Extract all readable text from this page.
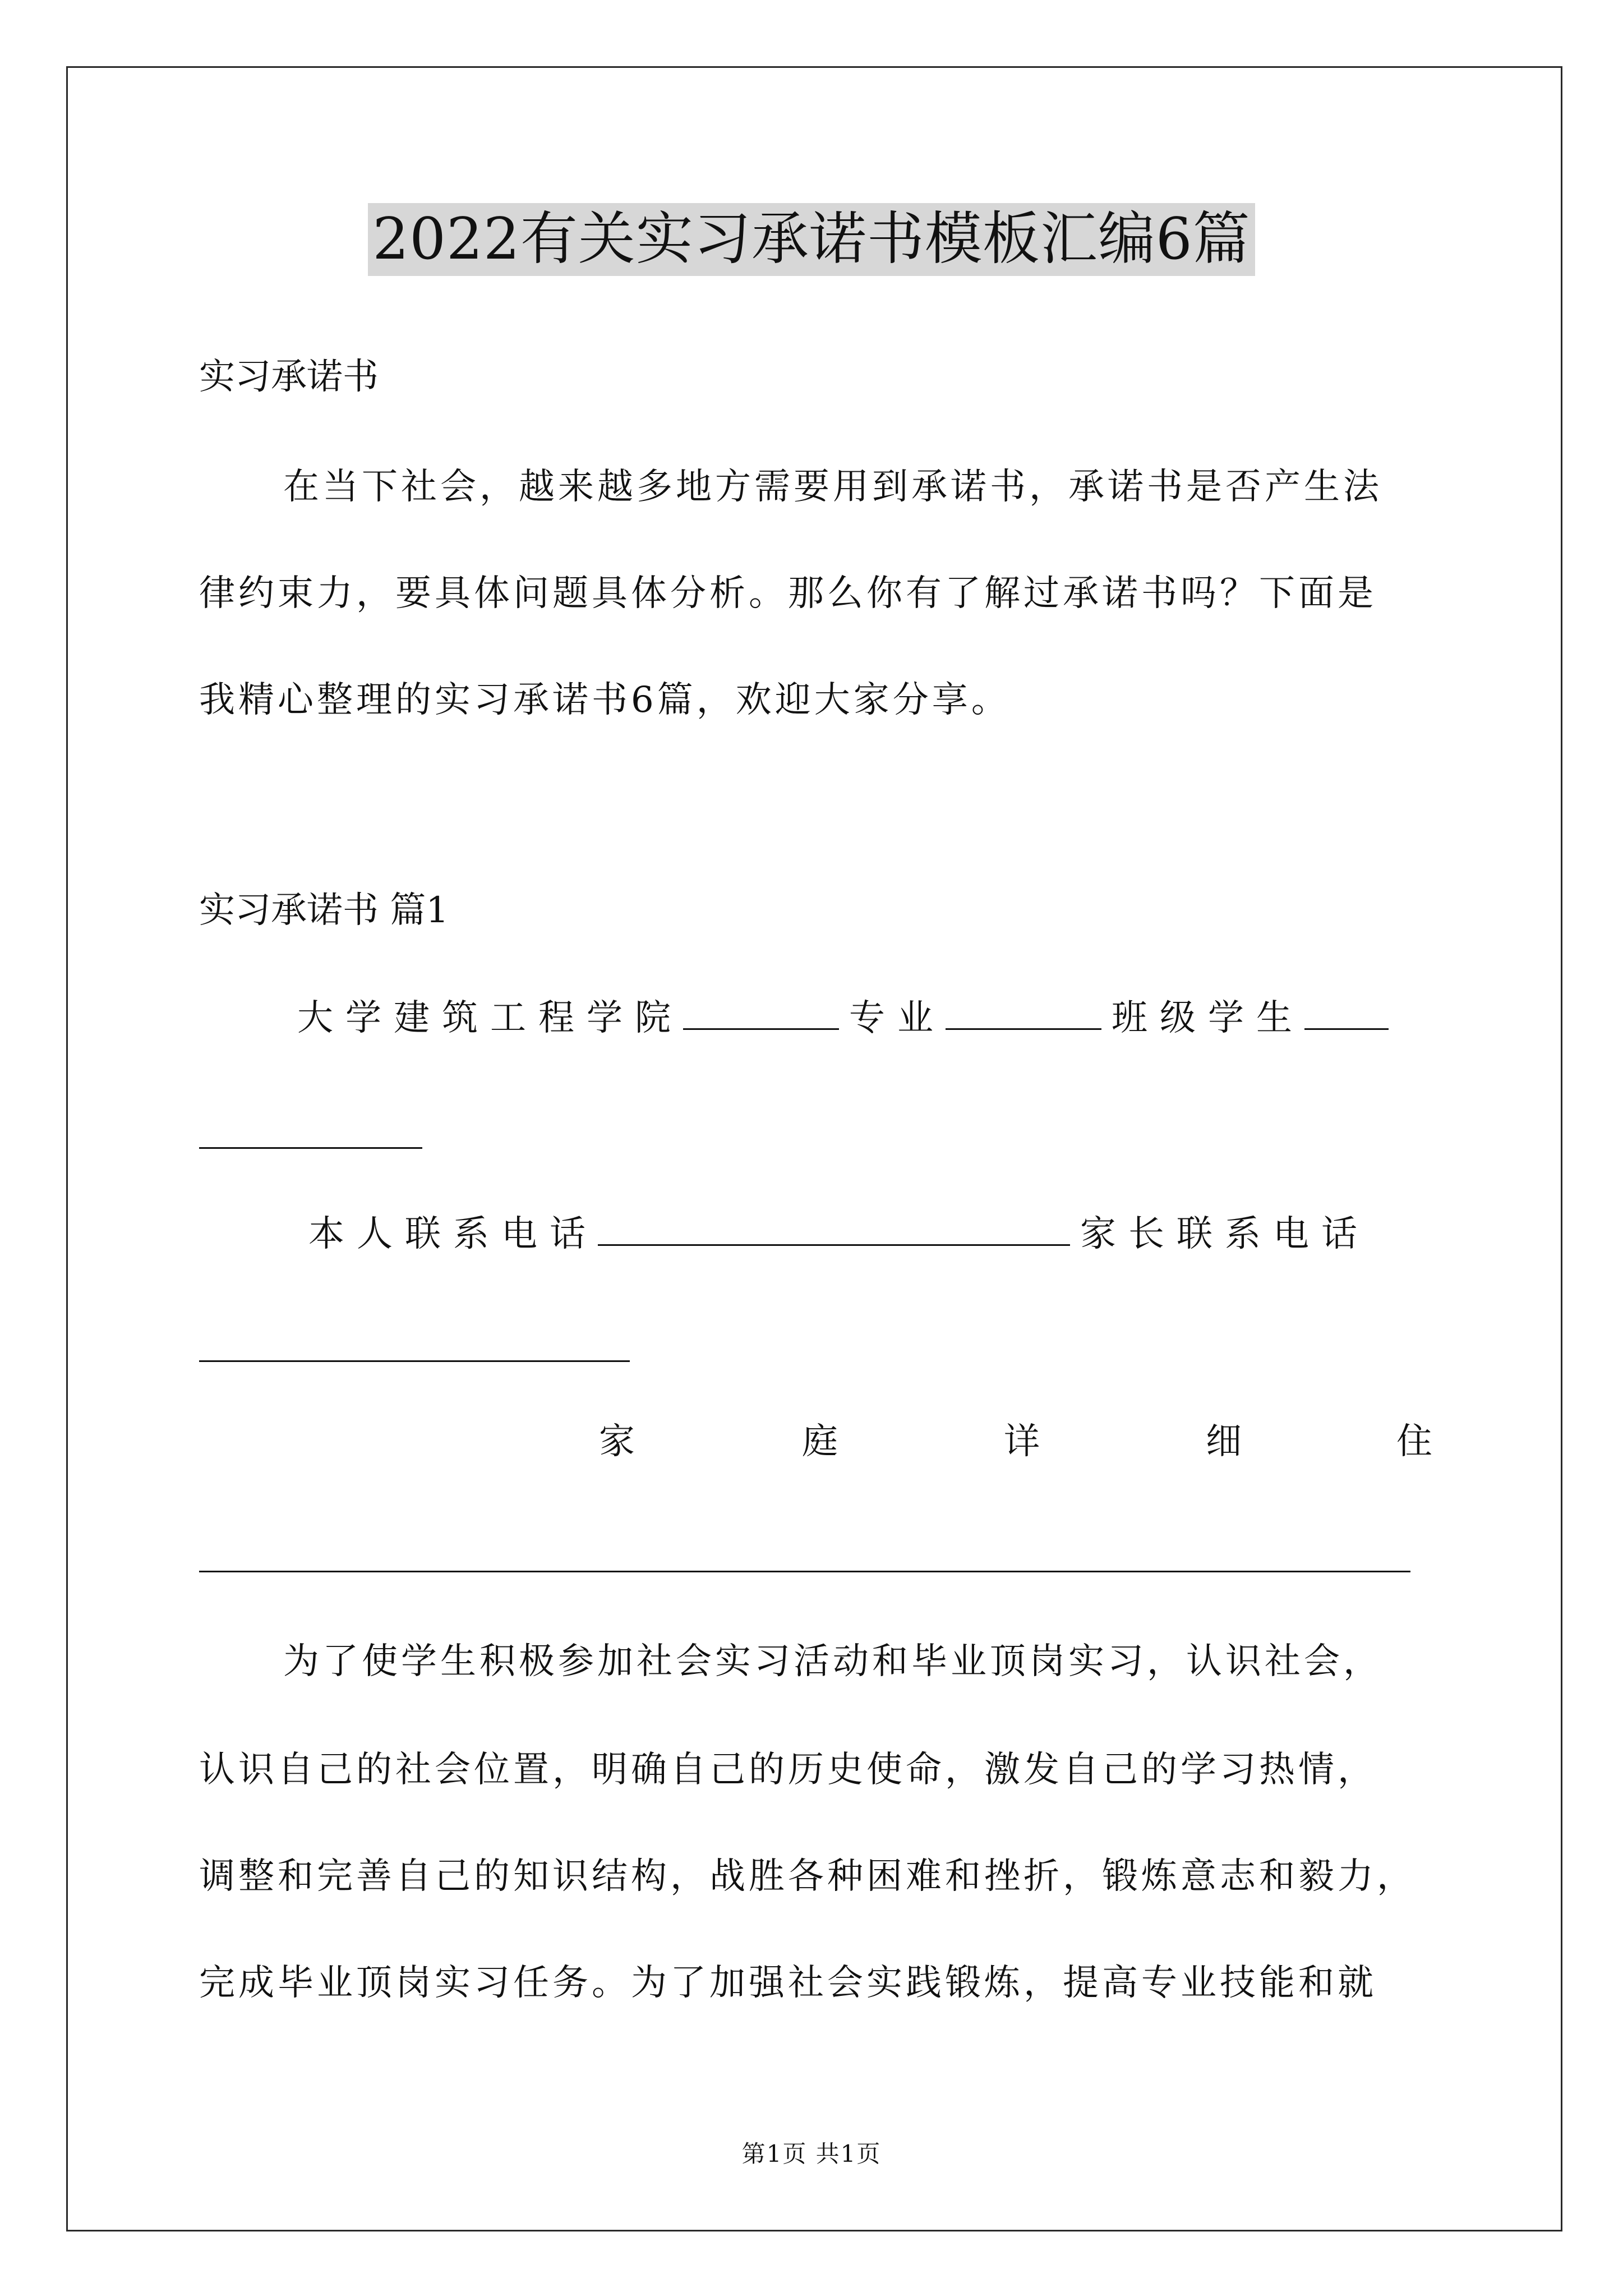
2022有关实习承诺书模板汇编6篇
实习承诺书
在当下社会，越来越多地方需要用到承诺书，承诺书是否产生法
律约束力，要具体问题具体分析。那么你有了解过承诺书吗？下面是
我精心整理的实习承诺书6篇，欢迎大家分享。
实习承诺书 篇1
大学建筑工程学院	专业	班级学生
本人联系电话	家长联系电话
家	庭	详	细	住
为了使学生积极参加社会实习活动和毕业顶岗实习，认识社会，
认识自己的社会位置，明确自己的历史使命，激发自己的学习热情，
调整和完善自己的知识结构，战胜各种困难和挫折，锻炼意志和毅力，
完成毕业顶岗实习任务。为了加强社会实践锻炼，提高专业技能和就
第1页 共1页
